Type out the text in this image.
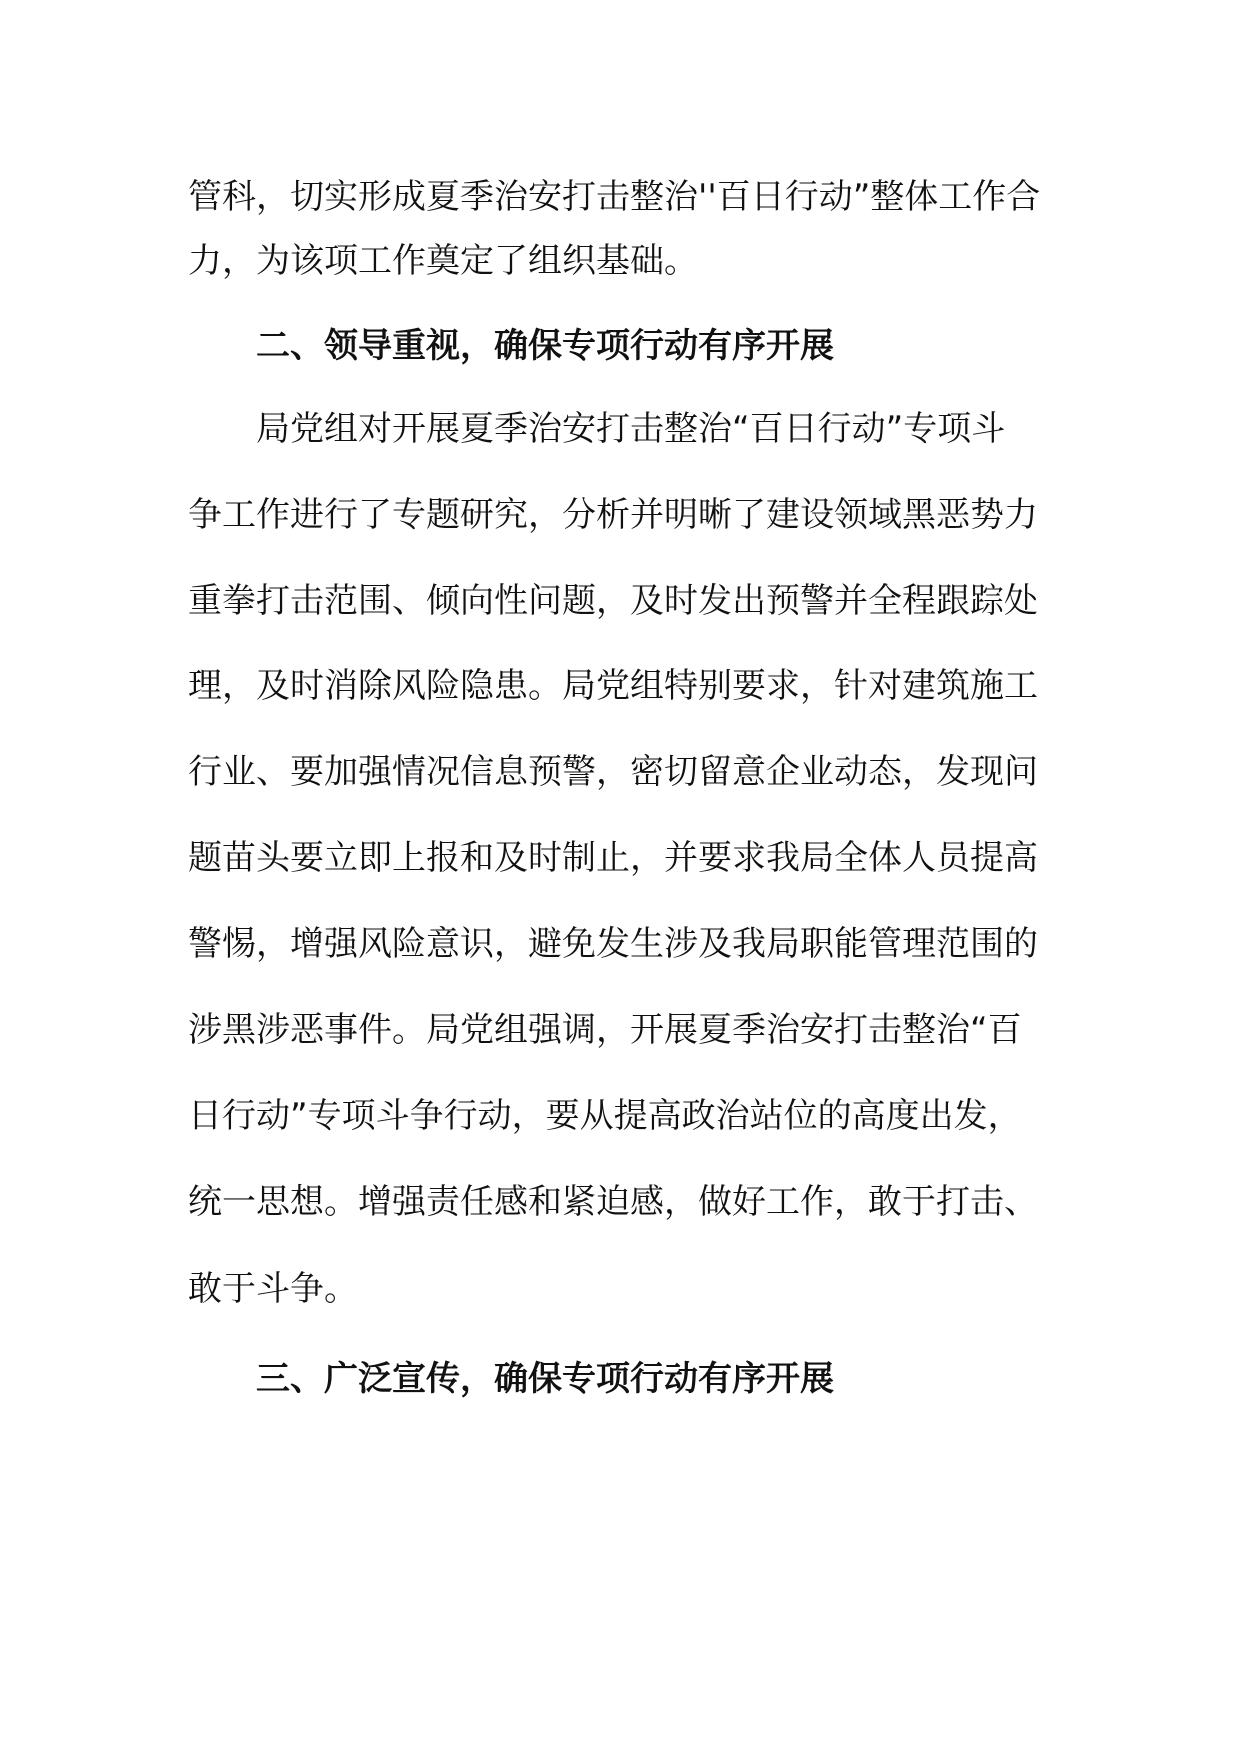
管科，切实形成夏季治安打击整治''百日行动”整体工作合
力，为该项工作奠定了组织基础。
二、领导重视，确保专项行动有序开展
局党组对开展夏季治安打击整治“百日行动”专项斗
争工作进行了专题研究，分析并明晰了建设领域黑恶势力
重拳打击范围、倾向性问题，及时发出预警并全程跟踪处
理，及时消除风险隐患。局党组特别要求，针对建筑施工
行业、要加强情况信息预警，密切留意企业动态，发现问
题苗头要立即上报和及时制止，并要求我局全体人员提高
警惕，增强风险意识，避免发生涉及我局职能管理范围的
涉黑涉恶事件。局党组强调，开展夏季治安打击整治“百
日行动”专项斗争行动，要从提高政治站位的高度出发，
统一思想。增强责任感和紧迫感，做好工作，敢于打击、
敢于斗争。
三、广泛宣传，确保专项行动有序开展
